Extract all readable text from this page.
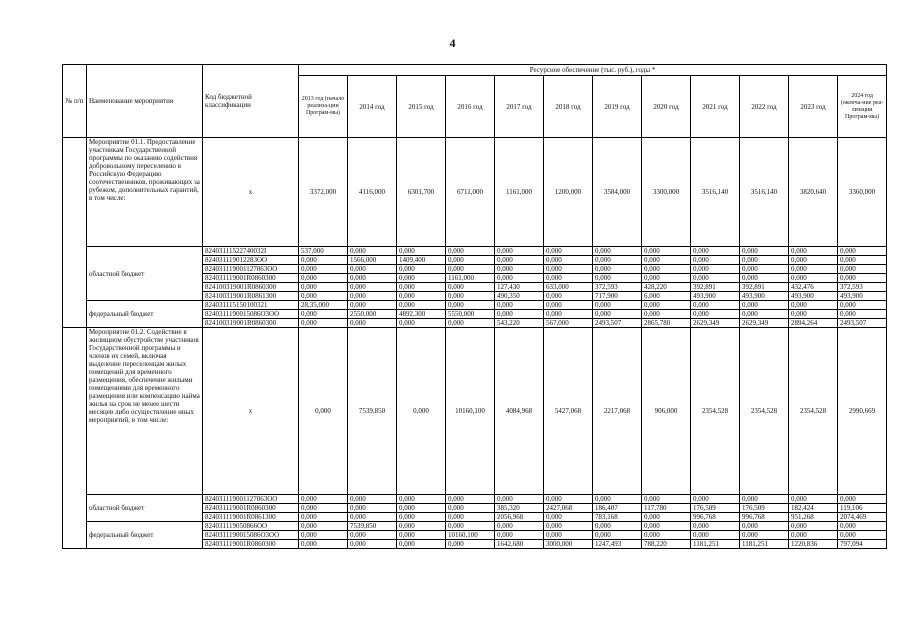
4
№ п/п	Наименование мероприятия	Код бюджетной классификации	Ресурсное обеспечение (тыс. руб.), годы *											
			2013 год (начало реализа-ции Програм-мы)	2014 год	2015 год	2016 год	2017 год	2018 год	2019 год	2020 год	2021 год	2022 год	2023 год	2024 год (оконча-ние реа-лизации Програм-мы)
	Мероприятие 01.1. Предоставление участникам Государственной программы по оказанию содействия добровольному переселению в Российскую Федерацию соотечественников, проживающих за рубежом, дополнительных гарантий, в том числе:	х	3372,000	4116,000	6301,700	6711,000	1161,000	1200,000	3584,000	3300,000	3516,140	3516,140	3820,640	3360,000
	областной бюджет	82403111522740032I	537,000	0,000	0,000	0,000	0,000	0,000	0,000	0,000	0,000	0,000	0,000	0,000
		824031119012283OO	0,000	1566,000	1409,400	0,000	0,000	0,000	0,000	0,000	0,000	0,000	0,000	0,000
		824031119001127063OO	0,000	0,000	0,000	0,000	0,000	0,000	0,000	0,000	0,000	0,000	0,000	0,000
		824031119001R0860300	0,000	0,000	0,000	1161,000	0,000	0,000	0,000	0,000	0,000	0,000	0,000	0,000
		824100319001R0860300	0,000	0,000	0,000	0,000	127,430	633,000	372,593	428,220	392,891	392,891	432,476	372,593
		824100319001R0861300	0,000	0,000	0,000	0,000	490,350	0,000	717,900	6,000	493,900	493,900	493,900	493,900
	федеральный бюджет	824031115150100321	28,35,000	0,000	0,000	0,000	0,000	0,000	0,000	0,000	0,000	0,000	0,000	0,000
		8240311190015086O3OO	0,000	2550,000	4892,300	5550,000	0,000	0,000	0,000	0,000	0,000	0,000	0,000	0,000
		824100319001R0860300	0,000	0,000	0,000	0,000	543,220	567,000	2493,507	2865,780	2629,349	2629,349	2894,264	2493,507
	Мероприятие 01.2. Содействие в жилищном обустройстве участников Государственной программы и членов их семей, включая выделение переселенцам жилых помещений для временного размещения, обеспечение жилыми помещениями для временного размещения или компенсацию найма жилья на срок не менее шести месяцев либо осуществление иных мероприятий, в том числе:	х	0,000	7539,850	0,000	10160,100	4084,968	5427,068	2217,068	906,000	2354,528	2354,528	2354,528	2990,669
	областной бюджет	824031119001127063OO	0,000	0,000	0,000	0,000	0,000	0,000	0,000	0,000	0,000	0,000	0,000	0,000
		824031119001R0860300	0,000	0,000	0,000	0,000	385,320	2427,068	186,407	117,780	176,509	176,509	182,424	119,106
		824031119001R0861300	0,000	0,000	0,000	0,000	2056,968	0,000	783,168	0,000	996,768	996,768	951,268	2074,469
	федеральный бюджет	824031119050866OO	0,000	7539,850	0,000	0,000	0,000	0,000	0,000	0,000	0,000	0,000	0,000	0,000
		8240311190015086O3OO	0,000	0,000	0,000	10160,100	0,000	0,000	0,000	0,000	0,000	0,000	0,000	0,000
		824031119001R0860300	0,000	0,000	0,000	0,000	1642,680	3000,000	1247,493	788,220	1181,251	1181,251	1220,836	797,094
